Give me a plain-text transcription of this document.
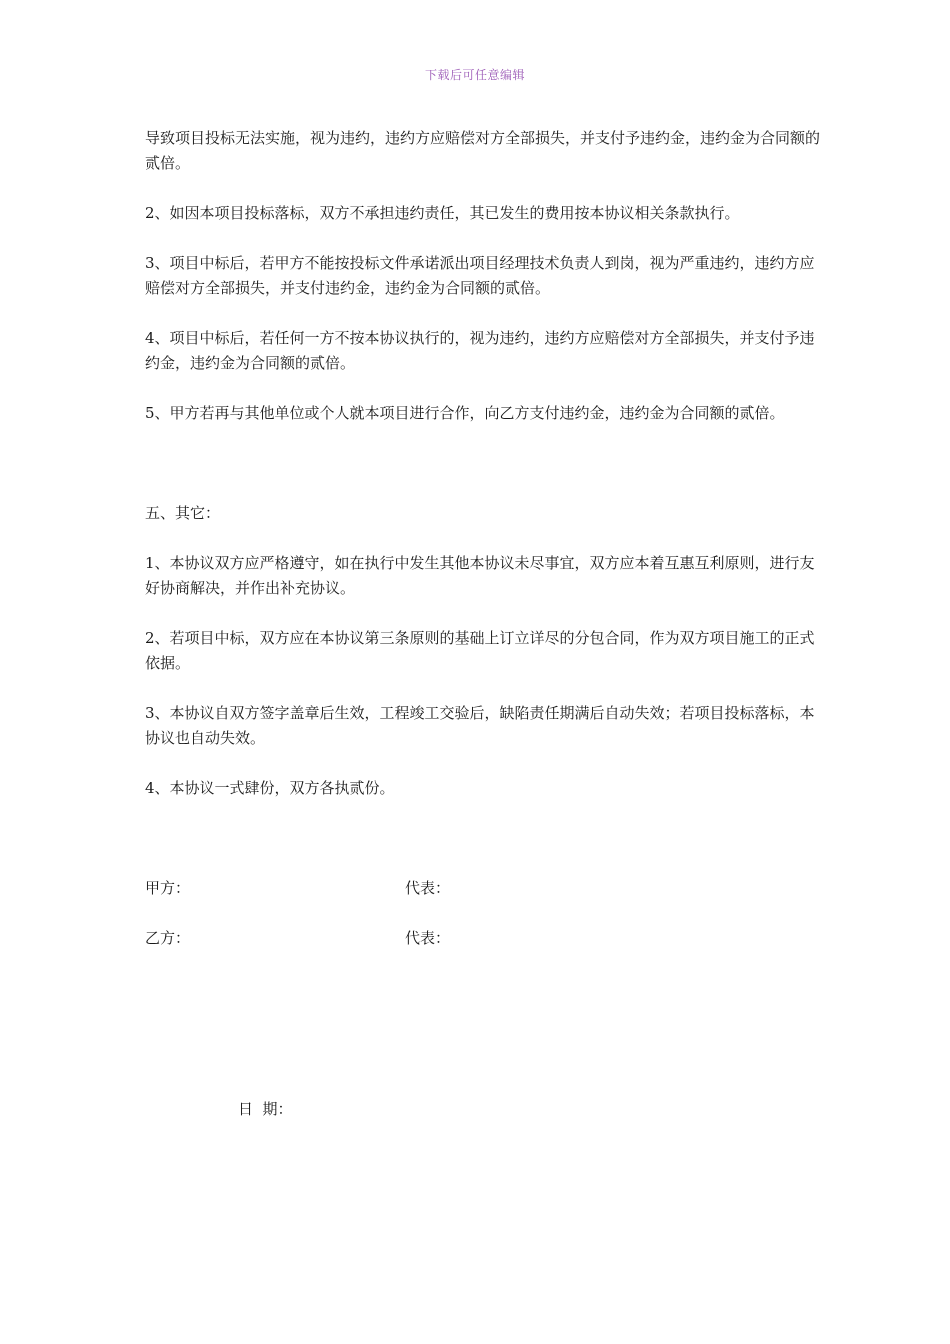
下载后可任意编辑

导致项目投标无法实施，视为违约，违约方应赔偿对方全部损失，并支付予违约金，违约金为合同额的贰倍。

2、如因本项目投标落标，双方不承担违约责任，其已发生的费用按本协议相关条款执行。

3、项目中标后，若甲方不能按投标文件承诺派出项目经理技术负责人到岗，视为严重违约，违约方应赔偿对方全部损失，并支付违约金，违约金为合同额的贰倍。

4、项目中标后，若任何一方不按本协议执行的，视为违约，违约方应赔偿对方全部损失，并支付予违约金，违约金为合同额的贰倍。

5、甲方若再与其他单位或个人就本项目进行合作，向乙方支付违约金，违约金为合同额的贰倍。

五、其它：

1、本协议双方应严格遵守，如在执行中发生其他本协议未尽事宜，双方应本着互惠互利原则，进行友好协商解决，并作出补充协议。

2、若项目中标，双方应在本协议第三条原则的基础上订立详尽的分包合同，作为双方项目施工的正式依据。

3、本协议自双方签字盖章后生效，工程竣工交验后，缺陷责任期满后自动失效；若项目投标落标，本协议也自动失效。

4、本协议一式肆份，双方各执贰份。

甲方：	代表：
乙方：	代表：
日  期：
